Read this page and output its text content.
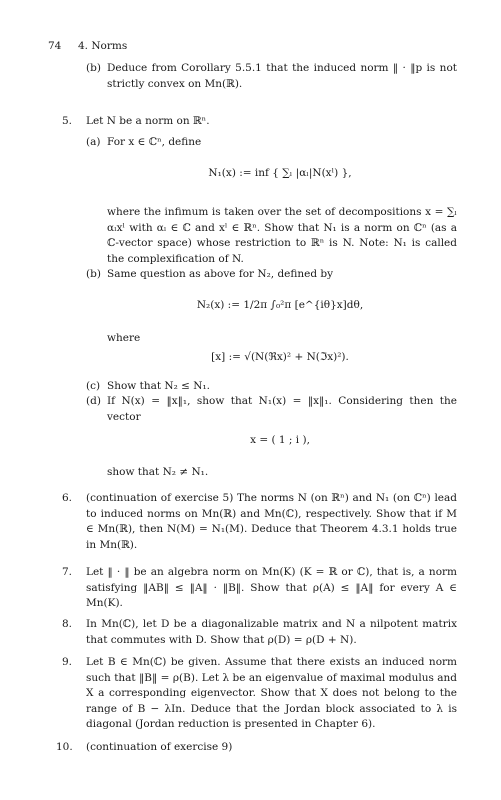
74 4. Norms
(b) Deduce from Corollary 5.5.1 that the induced norm ‖ · ‖p is not strictly convex on Mn(ℝ).
5. Let N be a norm on ℝⁿ.
(a) For x ∈ ℂⁿ, define
N₁(x) := inf { ∑ₗ |αₗ|N(xˡ) },
where the infimum is taken over the set of decompositions x = ∑ₗ αₗxˡ with αₗ ∈ ℂ and xˡ ∈ ℝⁿ. Show that N₁ is a norm on ℂⁿ (as a ℂ-vector space) whose restriction to ℝⁿ is N. Note: N₁ is called the complexification of N.
(b) Same question as above for N₂, defined by
N₂(x) := 1/2π ∫₀²π [e^{iθ}x]dθ,
where
[x] := √(N(ℜx)² + N(ℑx)²).
(c) Show that N₂ ≤ N₁.
(d) If N(x) = ‖x‖₁, show that N₁(x) = ‖x‖₁. Considering then the vector
x = ( 1 ; i ),
show that N₂ ≠ N₁.
6. (continuation of exercise 5) The norms N (on ℝⁿ) and N₁ (on ℂⁿ) lead to induced norms on Mn(ℝ) and Mn(ℂ), respectively. Show that if M ∈ Mn(ℝ), then N(M) = N₁(M). Deduce that Theorem 4.3.1 holds true in Mn(ℝ).
7. Let ‖ · ‖ be an algebra norm on Mn(K) (K = ℝ or ℂ), that is, a norm satisfying ‖AB‖ ≤ ‖A‖ · ‖B‖. Show that ρ(A) ≤ ‖A‖ for every A ∈ Mn(K).
8. In Mn(ℂ), let D be a diagonalizable matrix and N a nilpotent matrix that commutes with D. Show that ρ(D) = ρ(D + N).
9. Let B ∈ Mn(ℂ) be given. Assume that there exists an induced norm such that ‖B‖ = ρ(B). Let λ be an eigenvalue of maximal modulus and X a corresponding eigenvector. Show that X does not belong to the range of B − λIn. Deduce that the Jordan block associated to λ is diagonal (Jordan reduction is presented in Chapter 6).
10. (continuation of exercise 9)
